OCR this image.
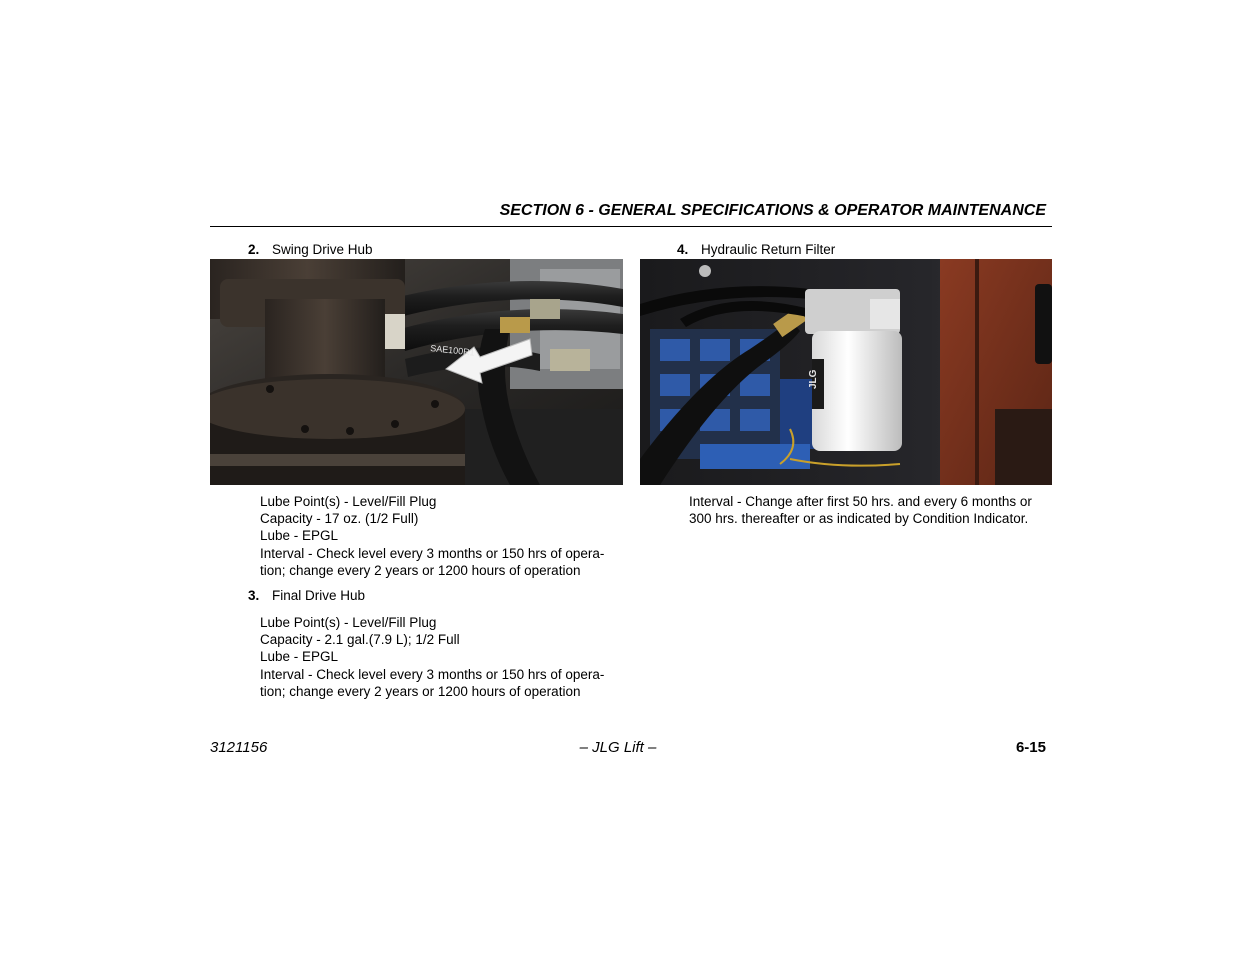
SECTION 6 - GENERAL SPECIFICATIONS & OPERATOR MAINTENANCE
2. Swing Drive Hub
SAE100R1
Lube Point(s) - Level/Fill Plug
Capacity - 17 oz. (1/2 Full)
Lube - EPGL
Interval - Check level every 3 months or 150 hrs of opera-
tion; change every 2 years or 1200 hours of operation
3. Final Drive Hub
Lube Point(s) - Level/Fill Plug
Capacity - 2.1 gal.(7.9 L); 1/2 Full
Lube - EPGL
Interval - Check level every 3 months or 150 hrs of opera-
tion; change every 2 years or 1200 hours of operation
4. Hydraulic Return Filter
JLG
Interval - Change after first 50 hrs. and every 6 months or
300 hrs. thereafter or as indicated by Condition Indicator.
3121156	– JLG Lift –	6-15
